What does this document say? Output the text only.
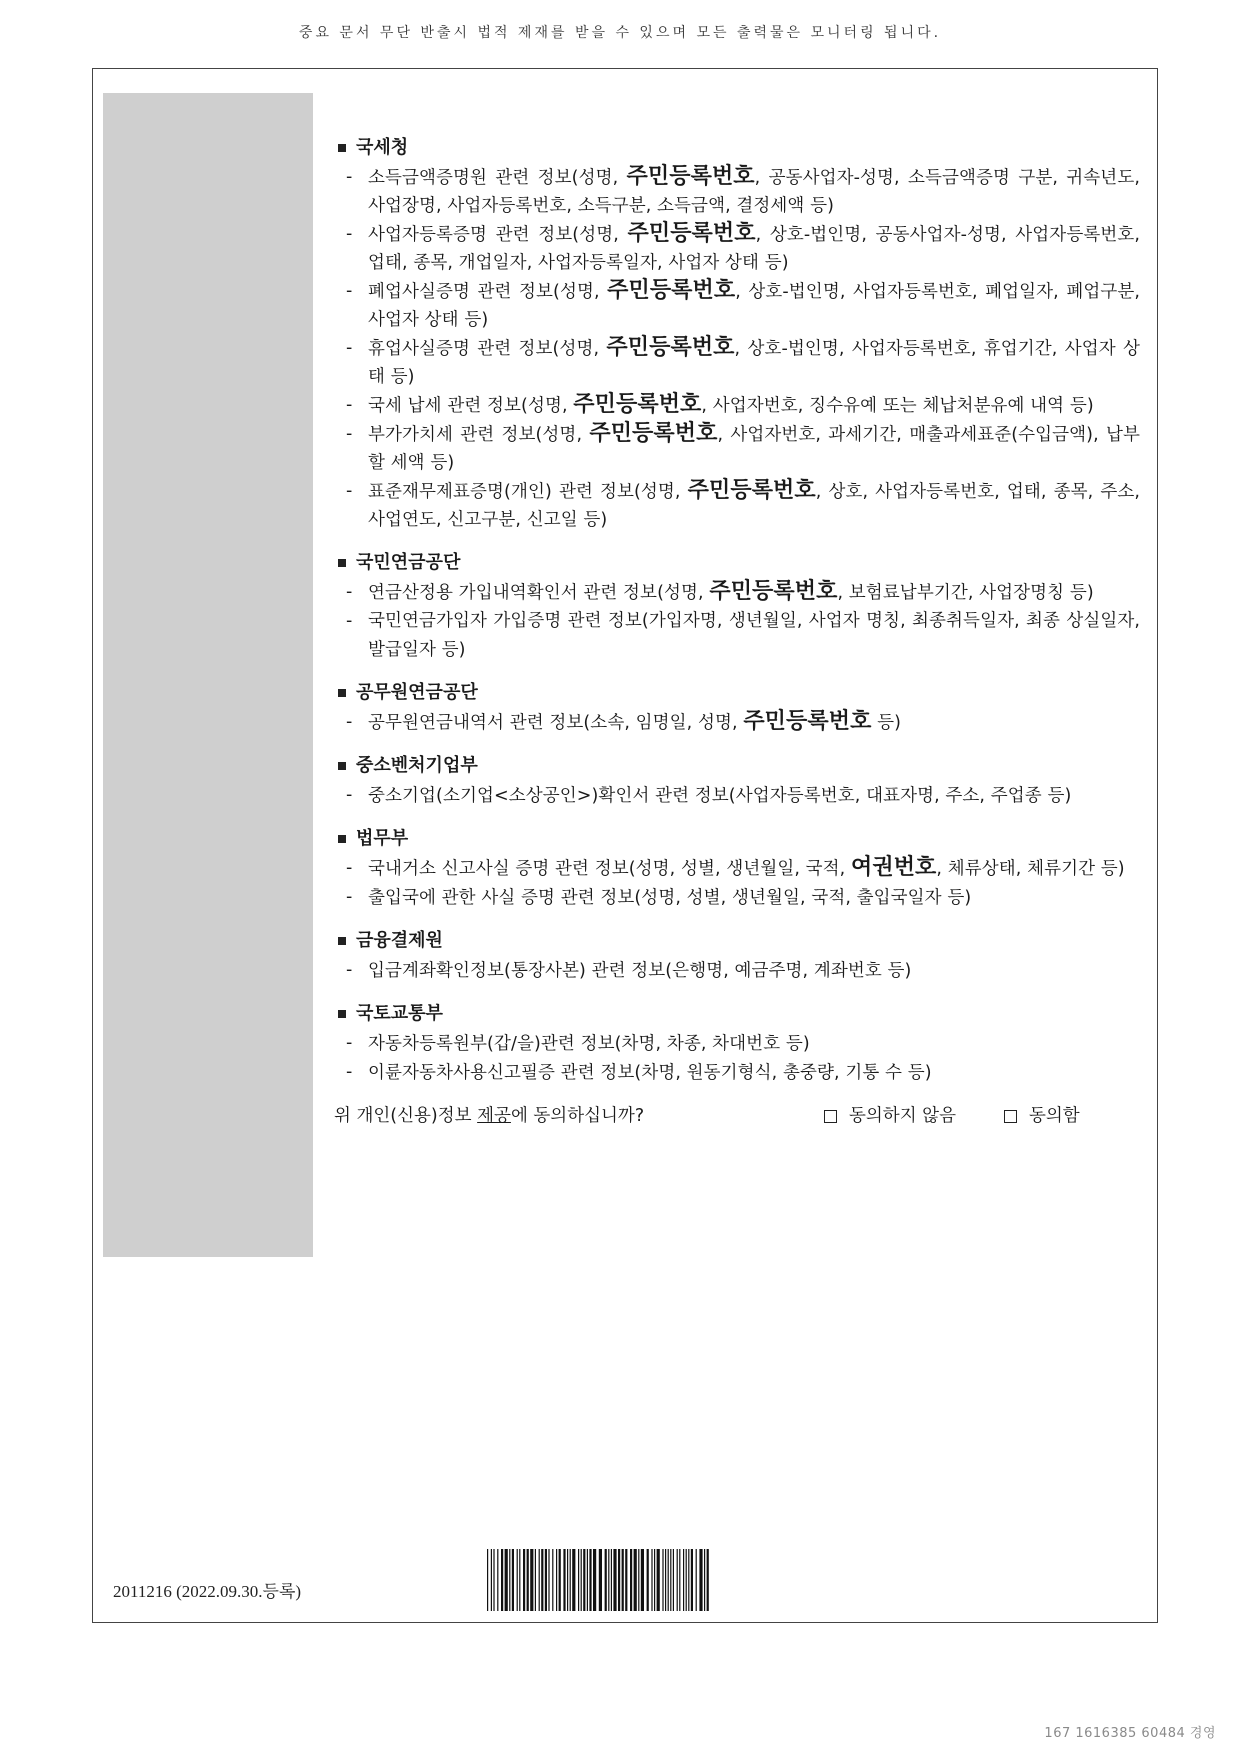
중요 문서 무단 반출시 법적 제재를 받을 수 있으며 모든 출력물은 모니터링 됩니다.
국세청
- 소득금액증명원 관련 정보(성명, 주민등록번호, 공동사업자-성명, 소득금액증명 구분, 귀속년도, 사업장명, 사업자등록번호, 소득구분, 소득금액, 결정세액 등)
- 사업자등록증명 관련 정보(성명, 주민등록번호, 상호-법인명, 공동사업자-성명, 사업자등록번호, 업태, 종목, 개업일자, 사업자등록일자, 사업자 상태 등)
- 폐업사실증명 관련 정보(성명, 주민등록번호, 상호-법인명, 사업자등록번호, 폐업일자, 폐업구분, 사업자 상태 등)
- 휴업사실증명 관련 정보(성명, 주민등록번호, 상호-법인명, 사업자등록번호, 휴업기간, 사업자 상태 등)
- 국세 납세 관련 정보(성명, 주민등록번호, 사업자번호, 징수유예 또는 체납처분유예 내역 등)
- 부가가치세 관련 정보(성명, 주민등록번호, 사업자번호, 과세기간, 매출과세표준(수입금액), 납부할 세액 등)
- 표준재무제표증명(개인) 관련 정보(성명, 주민등록번호, 상호, 사업자등록번호, 업태, 종목, 주소, 사업연도, 신고구분, 신고일 등)
국민연금공단
- 연금산정용 가입내역확인서 관련 정보(성명, 주민등록번호, 보험료납부기간, 사업장명칭 등)
- 국민연금가입자 가입증명 관련 정보(가입자명, 생년월일, 사업자 명칭, 최종취득일자, 최종 상실일자, 발급일자 등)
공무원연금공단
- 공무원연금내역서 관련 정보(소속, 임명일, 성명, 주민등록번호 등)
중소벤처기업부
- 중소기업(소기업<소상공인>)확인서 관련 정보(사업자등록번호, 대표자명, 주소, 주업종 등)
법무부
- 국내거소 신고사실 증명 관련 정보(성명, 성별, 생년월일, 국적, 여권번호, 체류상태, 체류기간 등)
- 출입국에 관한 사실 증명 관련 정보(성명, 성별, 생년월일, 국적, 출입국일자 등)
금융결제원
- 입금계좌확인정보(통장사본) 관련 정보(은행명, 예금주명, 계좌번호 등)
국토교통부
- 자동차등록원부(갑/을)관련 정보(차명, 차종, 차대번호 등)
- 이륜자동차사용신고필증 관련 정보(차명, 원동기형식, 총중량, 기통 수 등)
위 개인(신용)정보 제공에 동의하십니까?	동의하지 않음	동의함
2011216 (2022.09.30.등록)
167 1616385 60484 경영
